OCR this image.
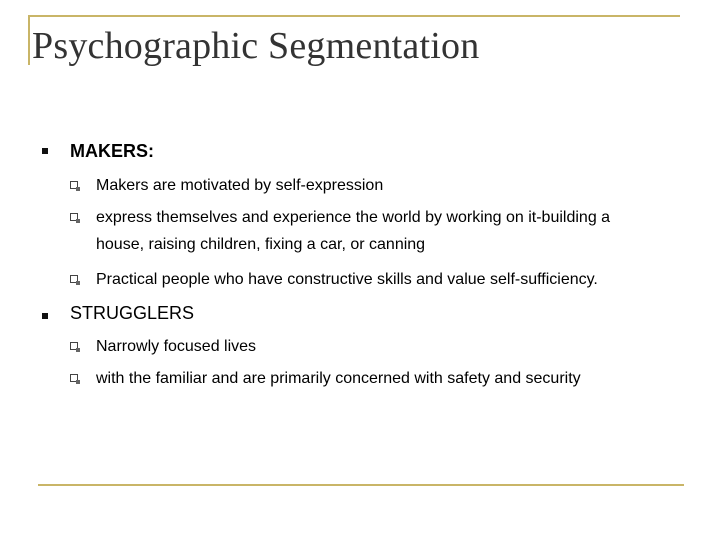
Psychographic Segmentation
MAKERS:
Makers are motivated by self-expression
express themselves and experience the world by working on it-building a
house, raising children, fixing a car, or canning
Practical people who have constructive skills and value self-sufficiency.
STRUGGLERS
Narrowly focused lives
with the familiar and are primarily concerned with safety and security
